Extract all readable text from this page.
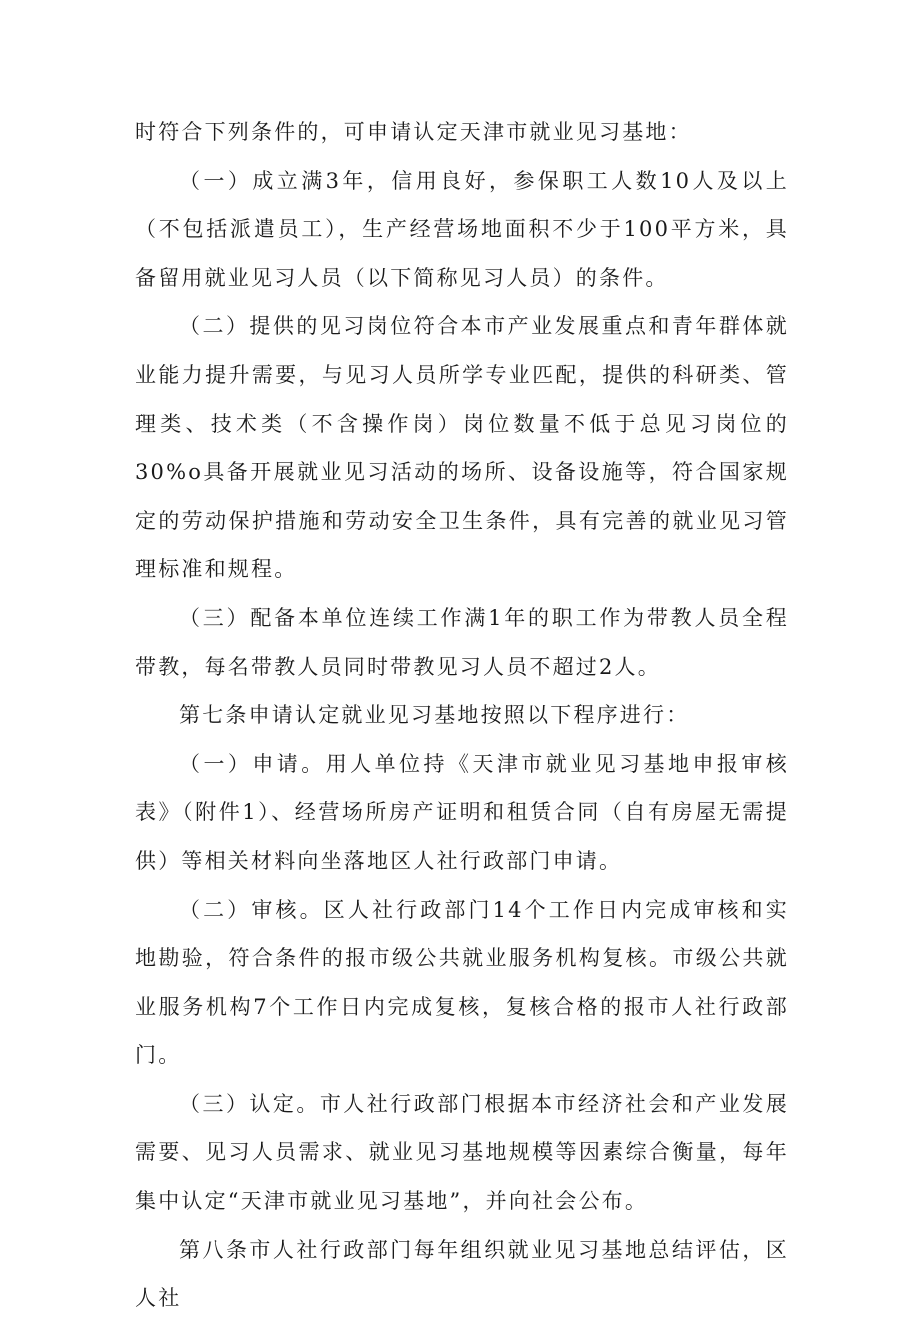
时符合下列条件的，可申请认定天津市就业见习基地：

（一）成立满3年，信用良好，参保职工人数10人及以上（不包括派遣员工），生产经营场地面积不少于100平方米，具备留用就业见习人员（以下简称见习人员）的条件。

（二）提供的见习岗位符合本市产业发展重点和青年群体就业能力提升需要，与见习人员所学专业匹配，提供的科研类、管理类、技术类（不含操作岗）岗位数量不低于总见习岗位的30%o具备开展就业见习活动的场所、设备设施等，符合国家规定的劳动保护措施和劳动安全卫生条件，具有完善的就业见习管理标准和规程。

（三）配备本单位连续工作满1年的职工作为带教人员全程带教，每名带教人员同时带教见习人员不超过2人。

第七条申请认定就业见习基地按照以下程序进行：

（一）申请。用人单位持《天津市就业见习基地申报审核表》（附件1）、经营场所房产证明和租赁合同（自有房屋无需提供）等相关材料向坐落地区人社行政部门申请。

（二）审核。区人社行政部门14个工作日内完成审核和实地勘验，符合条件的报市级公共就业服务机构复核。市级公共就业服务机构7个工作日内完成复核，复核合格的报市人社行政部门。

（三）认定。市人社行政部门根据本市经济社会和产业发展需要、见习人员需求、就业见习基地规模等因素综合衡量，每年集中认定“天津市就业见习基地”，并向社会公布。

第八条市人社行政部门每年组织就业见习基地总结评估，区人社
